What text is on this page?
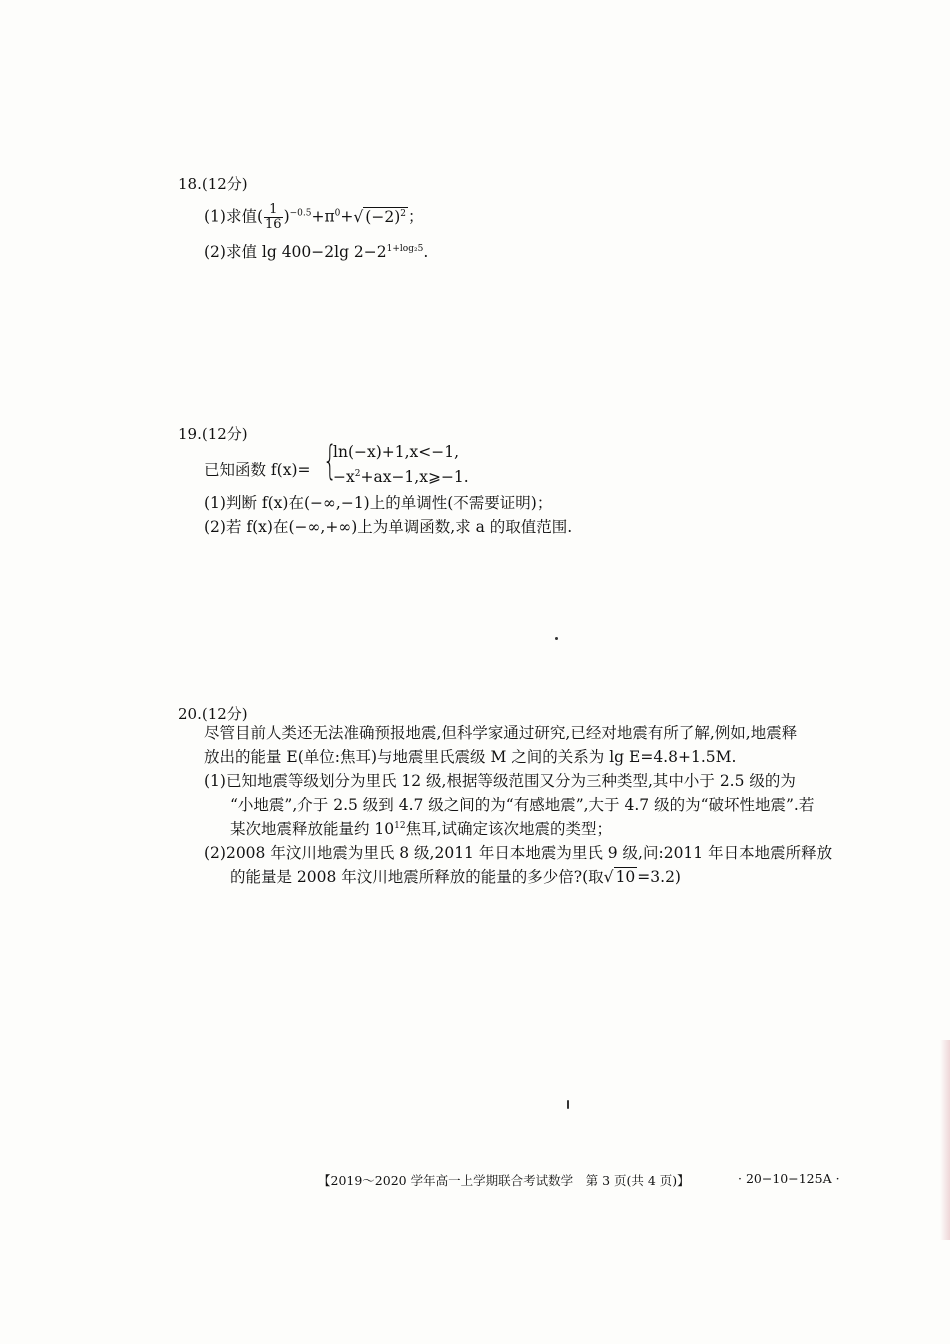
18.(12分)
(1)求值( $\frac{1}{16} )^{-0.5}+\pi^0+√$ $(-2)^2$ ；
(2)求值 lg 400−2lg $2-2^{1+log_25}$.
19.(12分)
已知函数 f(x)= {
ln(−x)+1,x<−1,
$-x^2+ax-1,x⩾-1$.
(1)判断 f(x)在(−∞,−1)上的单调性(不需要证明)；
(2)若 f(x)在(−∞,+∞)上为单调函数,求 a 的取值范围.
20.(12分)
尽管目前人类还无法准确预报地震,但科学家通过研究,已经对地震有所了解,例如,地震释
放出的能量 E(单位:焦耳)与地震里氏震级 M 之间的关系为 lg E=4.8+1.5M.
(1)已知地震等级划分为里氏 12 级,根据等级范围又分为三种类型,其中小于 2.5 级的为
“小地震”,介于 2.5 级到 4.7 级之间的为“有感地震”,大于 4.7 级的为“破坏性地震”.若
某次地震释放能量约 $10^{12}$焦耳,试确定该次地震的类型；
(2)2008 年汶川地震为里氏 8 级,2011 年日本地震为里氏 9 级,问:2011 年日本地震所释放
的能量是 2008 年汶川地震所释放的能量的多少倍?(取√ 10 =3.2)
【2019～2020 学年高一上学期联合考试数学　第 3 页(共 4 页)】	· 20−10−125A ·
